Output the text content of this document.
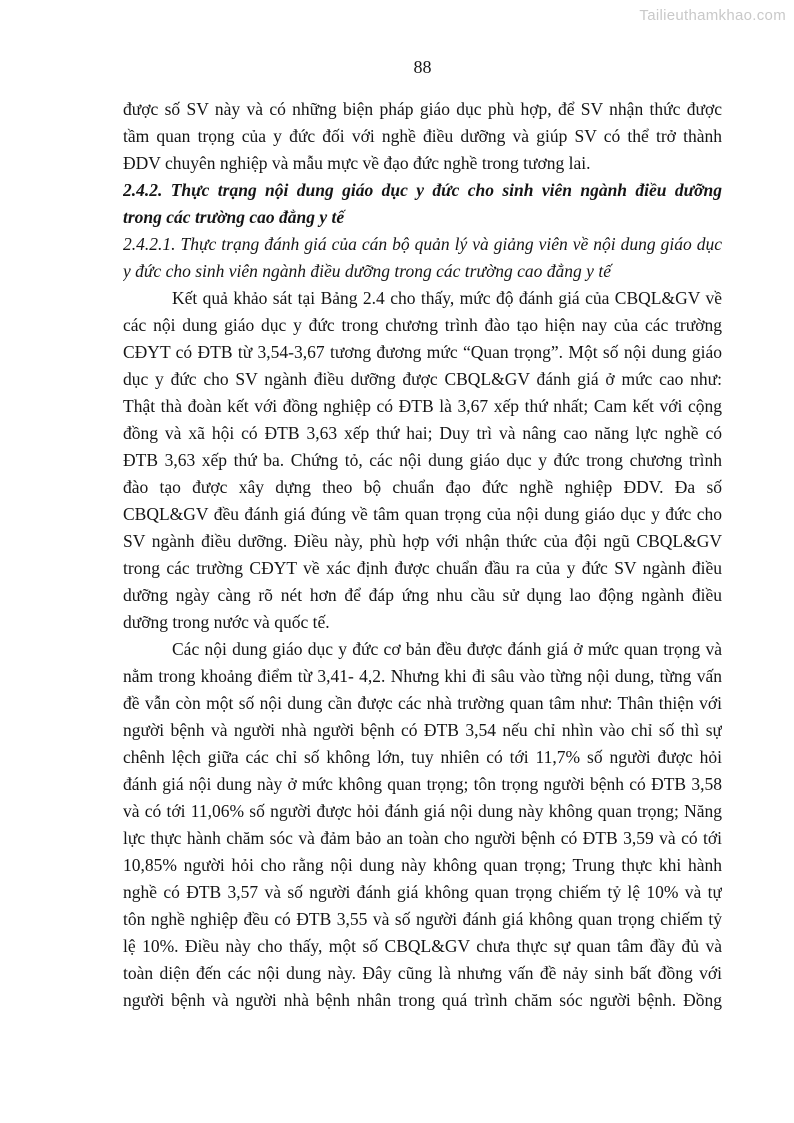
Tailieuthamkhao.com
88
được số SV này và có những biện pháp giáo dục phù hợp, để SV nhận thức được
tầm quan trọng của y đức đối với nghề điều dưỡng và giúp SV có thể trở thành
ĐDV chuyên nghiệp và mẫu mực về đạo đức nghề trong tương lai.
2.4.2. Thực trạng nội dung giáo dục y đức cho sinh viên ngành điều dưỡng
trong các trường cao đẳng y tế
2.4.2.1. Thực trạng đánh giá của cán bộ quản lý và giảng viên về nội dung giáo dục
y đức cho sinh viên ngành điều dưỡng trong các trường cao đẳng y tế
Kết quả khảo sát tại Bảng 2.4 cho thấy, mức độ đánh giá của CBQL&GV về
các nội dung giáo dục y đức trong chương trình đào tạo hiện nay của các trường
CĐYT có ĐTB từ 3,54-3,67 tương đương mức “Quan trọng”. Một số nội dung giáo
dục y đức cho SV ngành điều dưỡng được CBQL&GV đánh giá ở mức cao như:
Thật thà đoàn kết với đồng nghiệp có ĐTB là 3,67 xếp thứ nhất; Cam kết với cộng
đồng và xã hội có ĐTB 3,63 xếp thứ hai; Duy trì và nâng cao năng lực nghề có
ĐTB 3,63 xếp thứ ba. Chứng tỏ, các nội dung giáo dục y đức trong chương trình
đào tạo được xây dựng theo bộ chuẩn đạo đức nghề nghiệp ĐDV. Đa số
CBQL&GV đều đánh giá đúng về tâm quan trọng của nội dung giáo dục y đức cho
SV ngành điều dưỡng. Điều này, phù hợp với nhận thức của đội ngũ CBQL&GV
trong các trường CĐYT về xác định được chuẩn đầu ra của y đức SV ngành điều
dưỡng ngày càng rõ nét hơn để đáp ứng nhu cầu sử dụng lao động ngành điều
dưỡng trong nước và quốc tế.
Các nội dung giáo dục y đức cơ bản đều được đánh giá ở mức quan trọng và
nằm trong khoảng điểm từ 3,41- 4,2. Nhưng khi đi sâu vào từng nội dung, từng vấn
đề vẫn còn một số nội dung cần được các nhà trường quan tâm như: Thân thiện với
người bệnh và người nhà người bệnh có ĐTB 3,54 nếu chỉ nhìn vào chỉ số thì sự
chênh lệch giữa các chỉ số không lớn, tuy nhiên có tới 11,7% số người được hỏi
đánh giá nội dung này ở mức không quan trọng; tôn trọng người bệnh có ĐTB 3,58
và có tới 11,06% số người được hỏi đánh giá nội dung này không quan trọng; Năng
lực thực hành chăm sóc và đảm bảo an toàn cho người bệnh có ĐTB 3,59 và có tới
10,85% người hỏi cho rằng nội dung này không quan trọng; Trung thực khi hành
nghề có ĐTB 3,57 và số người đánh giá không quan trọng chiếm tỷ lệ 10% và tự
tôn nghề nghiệp đều có ĐTB 3,55 và số người đánh giá không quan trọng chiếm tỷ
lệ 10%. Điều này cho thấy, một số CBQL&GV chưa thực sự quan tâm đầy đủ và
toàn diện đến các nội dung này. Đây cũng là nhưng vấn đề nảy sinh bất đồng với
người bệnh và người nhà bệnh nhân trong quá trình chăm sóc người bệnh. Đồng
